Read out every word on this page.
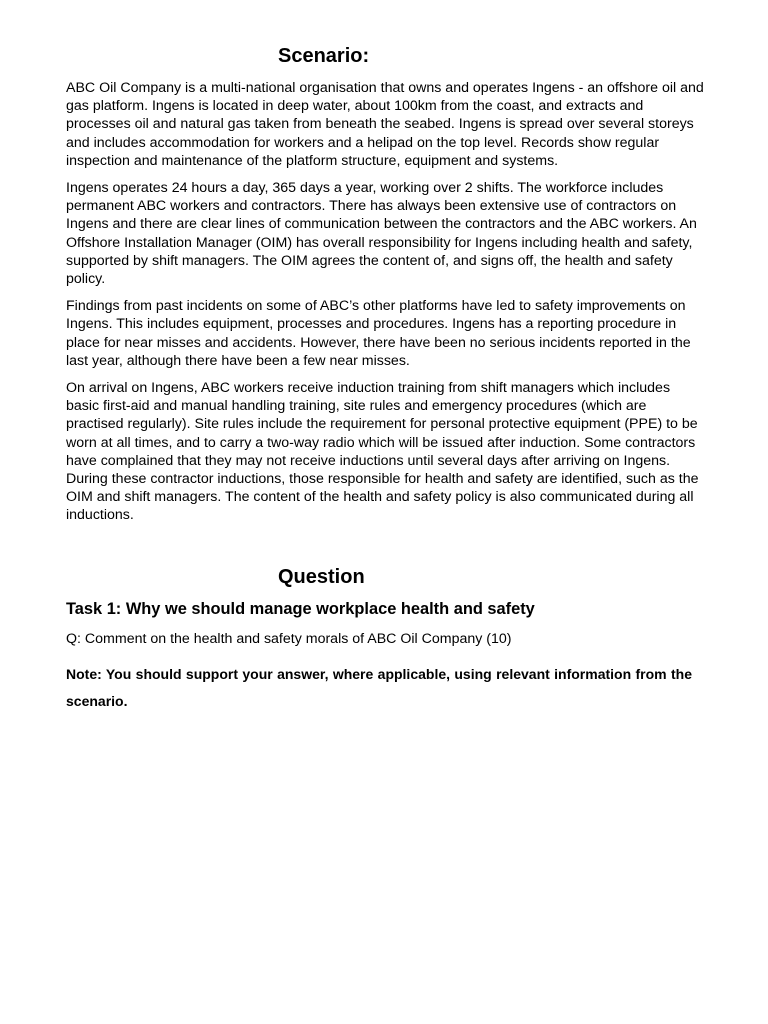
Scenario:

ABC Oil Company is a multi-national organisation that owns and operates Ingens - an offshore oil and gas platform. Ingens is located in deep water, about 100km from the coast, and extracts and processes oil and natural gas taken from beneath the seabed. Ingens is spread over several storeys and includes accommodation for workers and a helipad on the top level. Records show regular inspection and maintenance of the platform structure, equipment and systems.

Ingens operates 24 hours a day, 365 days a year, working over 2 shifts. The workforce includes permanent ABC workers and contractors. There has always been extensive use of contractors on Ingens and there are clear lines of communication between the contractors and the ABC workers. An Offshore Installation Manager (OIM) has overall responsibility for Ingens including health and safety, supported by shift managers. The OIM agrees the content of, and signs off, the health and safety policy.

Findings from past incidents on some of ABC’s other platforms have led to safety improvements on Ingens. This includes equipment, processes and procedures. Ingens has a reporting procedure in place for near misses and accidents. However, there have been no serious incidents reported in the last year, although there have been a few near misses.

On arrival on Ingens, ABC workers receive induction training from shift managers which includes basic first-aid and manual handling training, site rules and emergency procedures (which are practised regularly). Site rules include the requirement for personal protective equipment (PPE) to be worn at all times, and to carry a two-way radio which will be issued after induction. Some contractors have complained that they may not receive inductions until several days after arriving on Ingens. During these contractor inductions, those responsible for health and safety are identified, such as the OIM and shift managers. The content of the health and safety policy is also communicated during all inductions.

Question
Task 1: Why we should manage workplace health and safety

Q: Comment on the health and safety morals of ABC Oil Company (10)

Note: You should support your answer, where applicable, using relevant information from the scenario.
